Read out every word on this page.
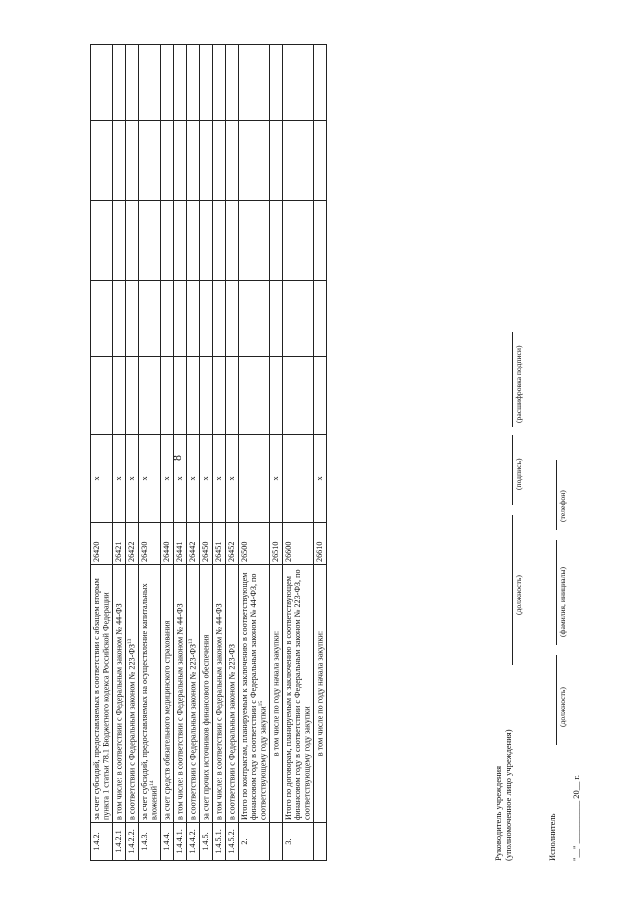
8
1.4.2.	за счет субсидий, предоставляемых в соответствии с абзацем вторым пункта 1 статьи 78.1 Бюджетного кодекса Российской Федерации	26420	x					
1.4.2.1	в том числе: в соответствии с Федеральным законом № 44-ФЗ	26421	x					
1.4.2.2.	в соответствии с Федеральным законом № 223-ФЗ$^{13}$	26422	x					
1.4.3.	за счет субсидий, предоставляемых на осуществление капитальных вложений$^{14}$	26430	x					
1.4.4.	за счет средств обязательного медицинского страхования	26440	x					
1.4.4.1.	в том числе: в соответствии с Федеральным законом № 44-ФЗ	26441	x					
1.4.4.2.	в соответствии с Федеральным законом № 223-ФЗ$^{13}$	26442	x					
1.4.5.	за счет прочих источников финансового обеспечения	26450	x					
1.4.5.1.	в том числе: в соответствии с Федеральным законом № 44-ФЗ	26451	x					
1.4.5.2.	в соответствии с Федеральным законом № 223-ФЗ	26452	x					
2.	Итого по контрактам, планируемым к заключению в соответствующем финансовом году в соответствии с Федеральным законом № 44-ФЗ, по соответствующему году закупки$^{15}$	26500						
	в том числе по году начала закупки:	26510	x					
3.	Итого по договорам, планируемым к заключению в соответствующем финансовом году в соответствии с Федеральным законом № 223-ФЗ, по соответствующему году закупки	26600						
	в том числе по году начала закупки:	26610	x					
Руководитель учреждения (уполномоченное лицо учреждения)
(должность)
(подпись)
(расшифровка подписи)
Исполнитель
(должность)
(фамилия, инициалы)
(телефон)
"__" __________ 20__ г.
